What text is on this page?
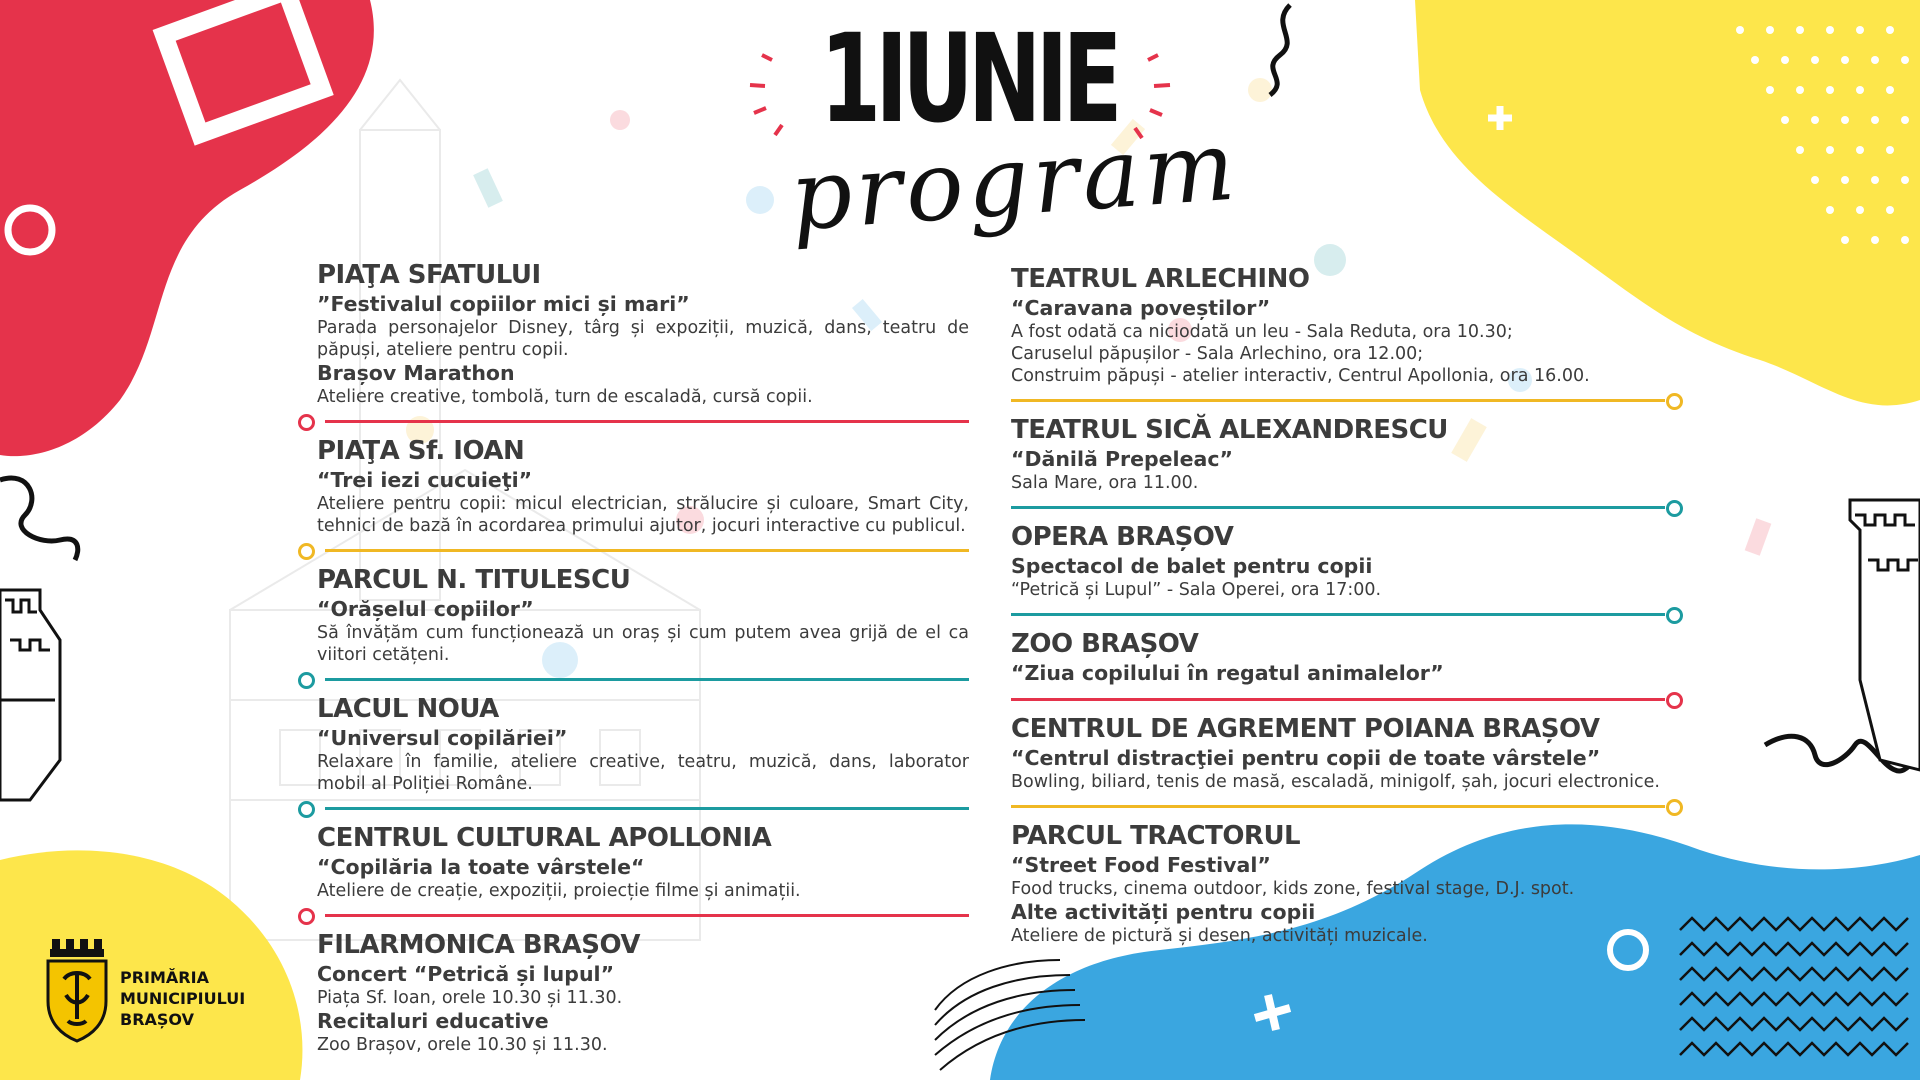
1IUNIE
program
PIAŢA SFATULUI
”Festivalul copiilor mici și mari”
Parada personajelor Disney, târg și expoziții, muzică, dans, teatru de păpuși, ateliere pentru copii.
Brașov Marathon
Ateliere creative, tombolă, turn de escaladă, cursă copii.
PIAŢA Sf. IOAN
“Trei iezi cucuieţi”
Ateliere pentru copii: micul electrician, strălucire și culoare, Smart City, tehnici de bază în acordarea primului ajutor, jocuri interactive cu publicul.
PARCUL N. TITULESCU
“Orășelul copiilor”
Să învățăm cum funcționează un oraș și cum putem avea grijă de el ca viitori cetățeni.
LACUL NOUA
“Universul copilăriei”
Relaxare în familie, ateliere creative, teatru, muzică, dans, laborator mobil al Poliției Române.
CENTRUL CULTURAL APOLLONIA
“Copilăria la toate vârstele“
Ateliere de creație, expoziții, proiecție filme și animații.
FILARMONICA BRAȘOV
Concert “Petrică și lupul”
Piața Sf. Ioan, orele 10.30 și 11.30.
Recitaluri educative
Zoo Brașov, orele 10.30 și 11.30.
TEATRUL ARLECHINO
“Caravana poveștilor”
A fost odată ca niciodată un leu - Sala Reduta, ora 10.30;
Caruselul păpușilor - Sala Arlechino, ora 12.00;
Construim păpuși - atelier interactiv, Centrul Apollonia, ora 16.00.
TEATRUL SICĂ ALEXANDRESCU
“Dănilă Prepeleac”
Sala Mare, ora 11.00.
OPERA BRAȘOV
Spectacol de balet pentru copii
“Petrică și Lupul” - Sala Operei, ora 17:00.
ZOO BRAȘOV
“Ziua copilului în regatul animalelor”
CENTRUL DE AGREMENT POIANA BRAȘOV
“Centrul distracţiei pentru copii de toate vârstele”
Bowling, biliard, tenis de masă, escaladă, minigolf, șah, jocuri electronice.
PARCUL TRACTORUL
“Street Food Festival”
Food trucks, cinema outdoor, kids zone, festival stage, D.J. spot.
Alte activități pentru copii
Ateliere de pictură și desen, activități muzicale.
PRIMĂRIA
MUNICIPIULUI
BRAȘOV
